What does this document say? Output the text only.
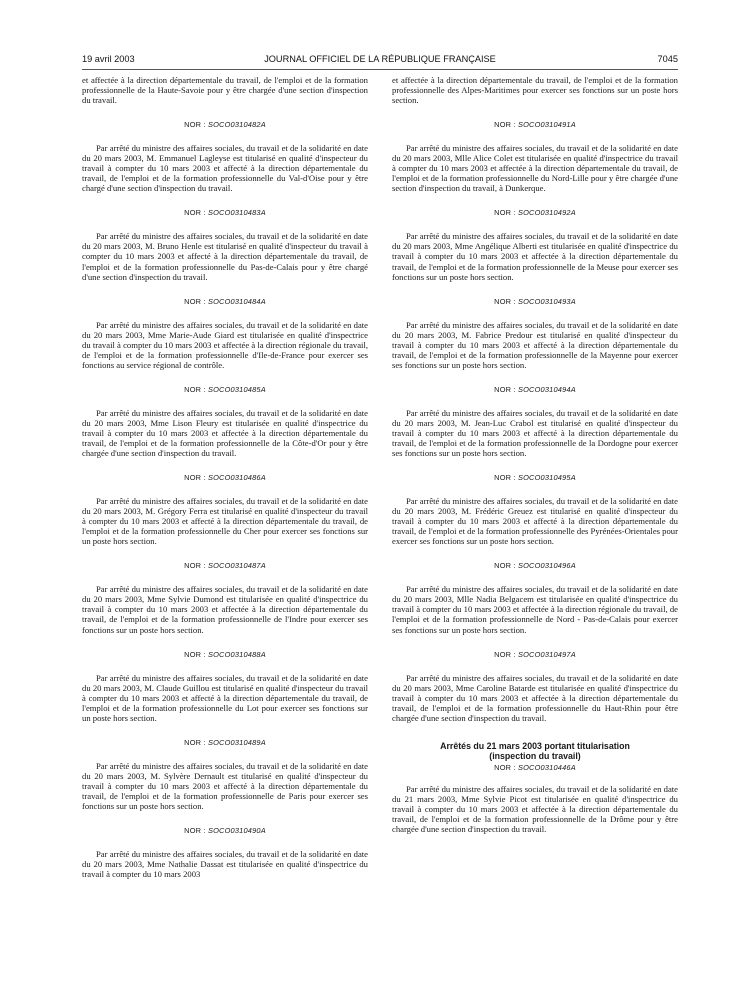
19 avril 2003	JOURNAL OFFICIEL DE LA RÉPUBLIQUE FRANÇAISE	7045

et affectée à la direction départementale du travail, de l'emploi et de la formation professionnelle de la Haute-Savoie pour y être chargée d'une section d'inspection du travail.

NOR : SOCO0310482A

Par arrêté du ministre des affaires sociales, du travail et de la solidarité en date du 20 mars 2003, M. Emmanuel Lagleyse est titularisé en qualité d'inspecteur du travail à compter du 10 mars 2003 et affecté à la direction départementale du travail, de l'emploi et de la formation professionnelle du Val-d'Oise pour y être chargé d'une section d'inspection du travail.

NOR : SOCO0310483A

Par arrêté du ministre des affaires sociales, du travail et de la solidarité en date du 20 mars 2003, M. Bruno Henle est titularisé en qualité d'inspecteur du travail à compter du 10 mars 2003 et affecté à la direction départementale du travail, de l'emploi et de la formation professionnelle du Pas-de-Calais pour y être chargé d'une section d'inspection du travail.

NOR : SOCO0310484A

Par arrêté du ministre des affaires sociales, du travail et de la solidarité en date du 20 mars 2003, Mme Marie-Aude Giard est titularisée en qualité d'inspectrice du travail à compter du 10 mars 2003 et affectée à la direction régionale du travail, de l'emploi et de la formation professionnelle d'Ile-de-France pour exercer ses fonctions au service régional de contrôle.

NOR : SOCO0310485A

Par arrêté du ministre des affaires sociales, du travail et de la solidarité en date du 20 mars 2003, Mme Lison Fleury est titularisée en qualité d'inspectrice du travail à compter du 10 mars 2003 et affectée à la direction départementale du travail, de l'emploi et de la formation professionnelle de la Côte-d'Or pour y être chargée d'une section d'inspection du travail.

NOR : SOCO0310486A

Par arrêté du ministre des affaires sociales, du travail et de la solidarité en date du 20 mars 2003, M. Grégory Ferra est titularisé en qualité d'inspecteur du travail à compter du 10 mars 2003 et affecté à la direction départementale du travail, de l'emploi et de la formation professionnelle du Cher pour exercer ses fonctions sur un poste hors section.

NOR : SOCO0310487A

Par arrêté du ministre des affaires sociales, du travail et de la solidarité en date du 20 mars 2003, Mme Sylvie Dumond est titularisée en qualité d'inspectrice du travail à compter du 10 mars 2003 et affectée à la direction départementale du travail, de l'emploi et de la formation professionnelle de l'Indre pour exercer ses fonctions sur un poste hors section.

NOR : SOCO0310488A

Par arrêté du ministre des affaires sociales, du travail et de la solidarité en date du 20 mars 2003, M. Claude Guillou est titularisé en qualité d'inspecteur du travail à compter du 10 mars 2003 et affecté à la direction départementale du travail, de l'emploi et de la formation professionnelle du Lot pour exercer ses fonctions sur un poste hors section.

NOR : SOCO0310489A

Par arrêté du ministre des affaires sociales, du travail et de la solidarité en date du 20 mars 2003, M. Sylvère Dernault est titularisé en qualité d'inspecteur du travail à compter du 10 mars 2003 et affecté à la direction départementale du travail, de l'emploi et de la formation professionnelle de Paris pour exercer ses fonctions sur un poste hors section.

NOR : SOCO0310490A

Par arrêté du ministre des affaires sociales, du travail et de la solidarité en date du 20 mars 2003, Mme Nathalie Dassat est titularisée en qualité d'inspectrice du travail à compter du 10 mars 2003

et affectée à la direction départementale du travail, de l'emploi et de la formation professionnelle des Alpes-Maritimes pour exercer ses fonctions sur un poste hors section.

NOR : SOCO0310491A

Par arrêté du ministre des affaires sociales, du travail et de la solidarité en date du 20 mars 2003, Mlle Alice Colet est titularisée en qualité d'inspectrice du travail à compter du 10 mars 2003 et affectée à la direction départementale du travail, de l'emploi et de la formation professionnelle du Nord-Lille pour y être chargée d'une section d'inspection du travail, à Dunkerque.

NOR : SOCO0310492A

Par arrêté du ministre des affaires sociales, du travail et de la solidarité en date du 20 mars 2003, Mme Angélique Alberti est titularisée en qualité d'inspectrice du travail à compter du 10 mars 2003 et affectée à la direction départementale du travail, de l'emploi et de la formation professionnelle de la Meuse pour exercer ses fonctions sur un poste hors section.

NOR : SOCO0310493A

Par arrêté du ministre des affaires sociales, du travail et de la solidarité en date du 20 mars 2003, M. Fabrice Predour est titularisé en qualité d'inspecteur du travail à compter du 10 mars 2003 et affecté à la direction départementale du travail, de l'emploi et de la formation professionnelle de la Mayenne pour exercer ses fonctions sur un poste hors section.

NOR : SOCO0310494A

Par arrêté du ministre des affaires sociales, du travail et de la solidarité en date du 20 mars 2003, M. Jean-Luc Crabol est titularisé en qualité d'inspecteur du travail à compter du 10 mars 2003 et affecté à la direction départementale du travail, de l'emploi et de la formation professionnelle de la Dordogne pour exercer ses fonctions sur un poste hors section.

NOR : SOCO0310495A

Par arrêté du ministre des affaires sociales, du travail et de la solidarité en date du 20 mars 2003, M. Frédéric Greuez est titularisé en qualité d'inspecteur du travail à compter du 10 mars 2003 et affecté à la direction départementale du travail, de l'emploi et de la formation professionnelle des Pyrénées-Orientales pour exercer ses fonctions sur un poste hors section.

NOR : SOCO0310496A

Par arrêté du ministre des affaires sociales, du travail et de la solidarité en date du 20 mars 2003, Mlle Nadia Belgacem est titularisée en qualité d'inspectrice du travail à compter du 10 mars 2003 et affectée à la direction régionale du travail, de l'emploi et de la formation professionnelle de Nord - Pas-de-Calais pour exercer ses fonctions sur un poste hors section.

NOR : SOCO0310497A

Par arrêté du ministre des affaires sociales, du travail et de la solidarité en date du 20 mars 2003, Mme Caroline Batarde est titularisée en qualité d'inspectrice du travail à compter du 10 mars 2003 et affectée à la direction départementale du travail, de l'emploi et de la formation professionnelle du Haut-Rhin pour être chargée d'une section d'inspection du travail.

Arrêtés du 21 mars 2003 portant titularisation
(inspection du travail)
NOR : SOCO0310446A

Par arrêté du ministre des affaires sociales, du travail et de la solidarité en date du 21 mars 2003, Mme Sylvie Picot est titularisée en qualité d'inspectrice du travail à compter du 10 mars 2003 et affectée à la direction départementale du travail, de l'emploi et de la formation professionnelle de la Drôme pour y être chargée d'une section d'inspection du travail.
